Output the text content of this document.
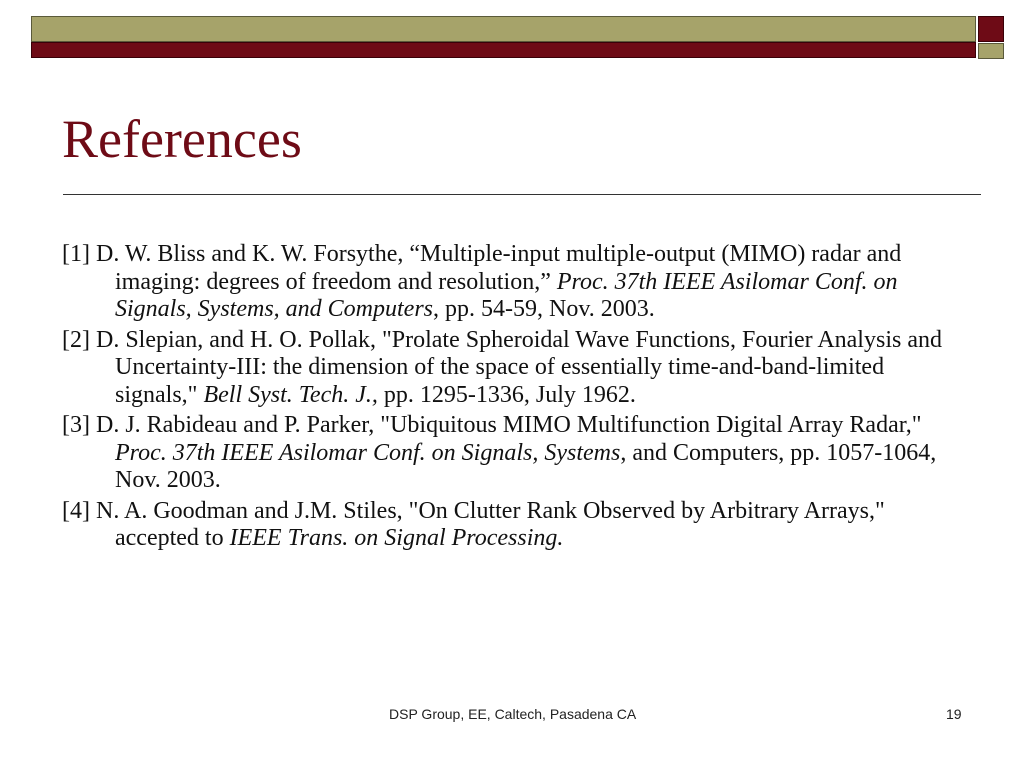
References
[1] D. W. Bliss and K. W. Forsythe, “Multiple-input multiple-output (MIMO) radar and imaging: degrees of freedom and resolution,” Proc. 37th IEEE Asilomar Conf. on Signals, Systems, and Computers, pp. 54-59, Nov. 2003.
[2] D. Slepian, and H. O. Pollak, "Prolate Spheroidal Wave Functions, Fourier Analysis and Uncertainty-III: the dimension of the space of essentially time-and-band-limited signals," Bell Syst. Tech. J., pp. 1295-1336, July 1962.
[3] D. J. Rabideau and P. Parker, "Ubiquitous MIMO Multifunction Digital Array Radar," Proc. 37th IEEE Asilomar Conf. on Signals, Systems, and Computers, pp. 1057-1064, Nov. 2003.
[4] N. A. Goodman and J.M. Stiles, "On Clutter Rank Observed by Arbitrary Arrays," accepted to IEEE Trans. on Signal Processing.
DSP Group, EE, Caltech, Pasadena CA	19
